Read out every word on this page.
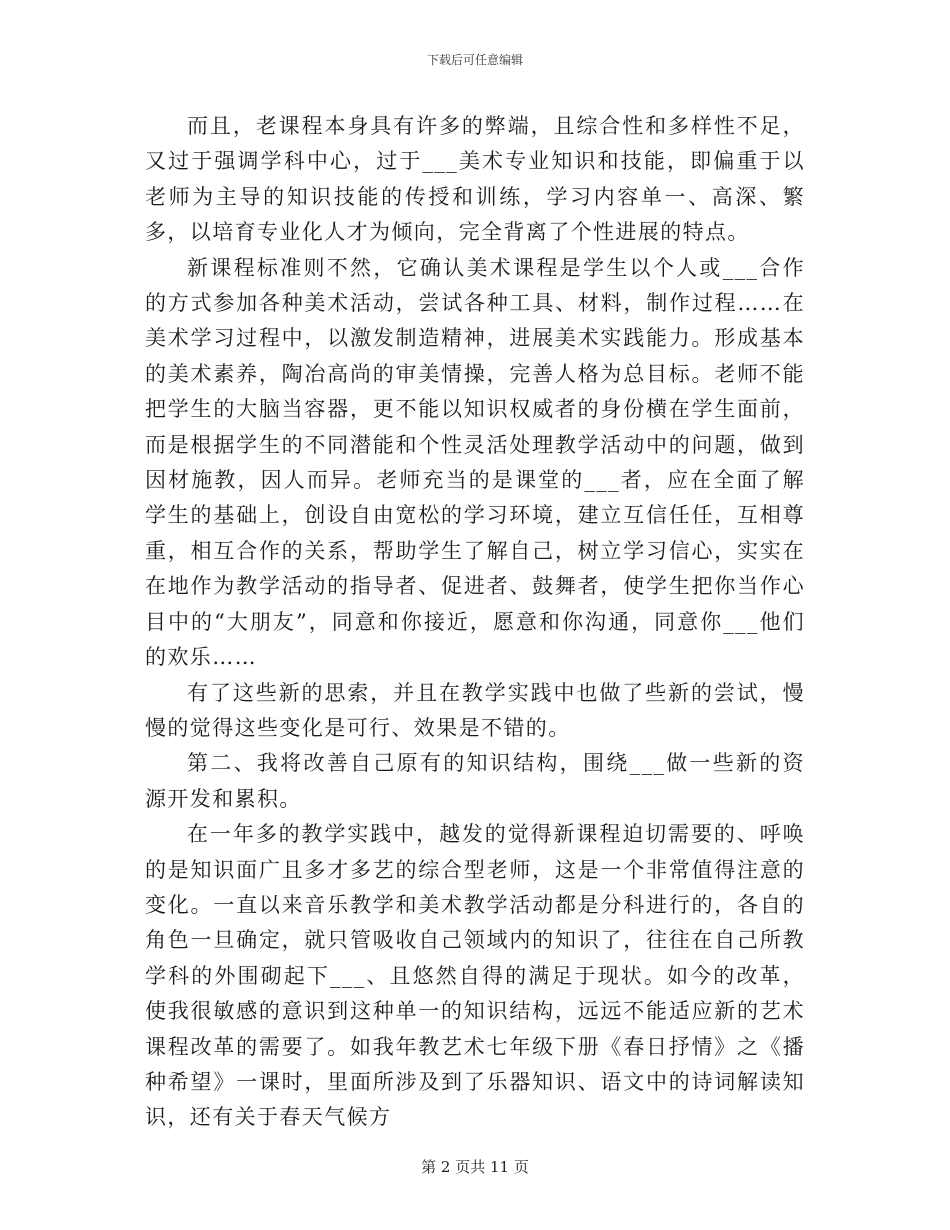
下载后可任意编辑

而且，老课程本身具有许多的弊端，且综合性和多样性不足，又过于强调学科中心，过于___美术专业知识和技能，即偏重于以老师为主导的知识技能的传授和训练，学习内容单一、高深、繁多，以培育专业化人才为倾向，完全背离了个性进展的特点。

新课程标准则不然，它确认美术课程是学生以个人或___合作的方式参加各种美术活动，尝试各种工具、材料，制作过程……在美术学习过程中，以激发制造精神，进展美术实践能力。形成基本的美术素养，陶冶高尚的审美情操，完善人格为总目标。老师不能把学生的大脑当容器，更不能以知识权威者的身份横在学生面前，而是根据学生的不同潜能和个性灵活处理教学活动中的问题，做到因材施教，因人而异。老师充当的是课堂的___者，应在全面了解学生的基础上，创设自由宽松的学习环境，建立互信任任，互相尊重，相互合作的关系，帮助学生了解自己，树立学习信心，实实在在地作为教学活动的指导者、促进者、鼓舞者，使学生把你当作心目中的“大朋友”，同意和你接近，愿意和你沟通，同意你___他们的欢乐……

有了这些新的思索，并且在教学实践中也做了些新的尝试，慢慢的觉得这些变化是可行、效果是不错的。

第二、我将改善自己原有的知识结构，围绕___做一些新的资源开发和累积。

在一年多的教学实践中，越发的觉得新课程迫切需要的、呼唤的是知识面广且多才多艺的综合型老师，这是一个非常值得注意的变化。一直以来音乐教学和美术教学活动都是分科进行的，各自的角色一旦确定，就只管吸收自己领域内的知识了，往往在自己所教学科的外围砌起下___、且悠然自得的满足于现状。如今的改革，使我很敏感的意识到这种单一的知识结构，远远不能适应新的艺术课程改革的需要了。如我年教艺术七年级下册《春日抒情》之《播种希望》一课时，里面所涉及到了乐器知识、语文中的诗词解读知识，还有关于春天气候方

第 2 页共 11 页
